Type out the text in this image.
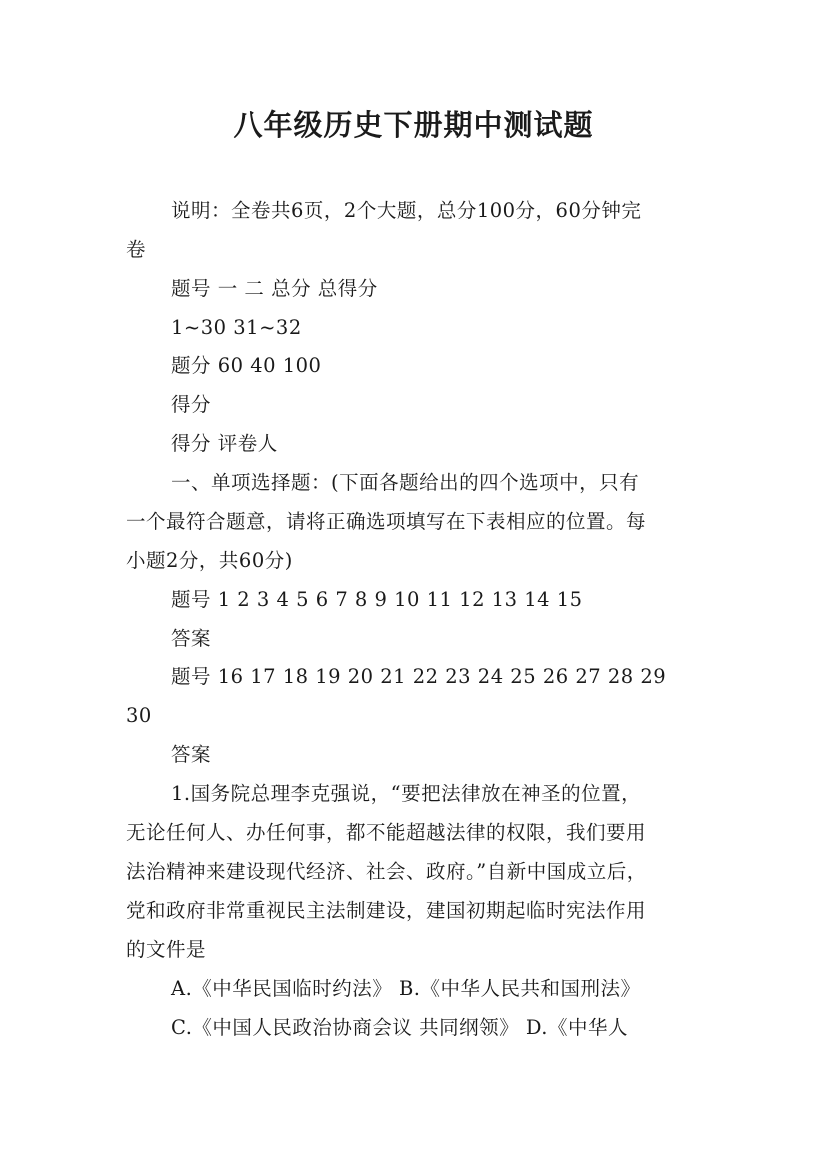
八年级历史下册期中测试题

说明：全卷共6页，2个大题，总分100分，60分钟完

卷

题号 一 二 总分 总得分

1~30 31~32

题分 60 40 100

得分

得分 评卷人

一、单项选择题：(下面各题给出的四个选项中，只有

一个最符合题意，请将正确选项填写在下表相应的位置。每

小题2分，共60分)

题号 1 2 3 4 5 6 7 8 9 10 11 12 13 14 15

答案

题号 16 17 18 19 20 21 22 23 24 25 26 27 28 29

30

答案

1.国务院总理李克强说，“要把法律放在神圣的位置，

无论任何人、办任何事，都不能超越法律的权限，我们要用

法治精神来建设现代经济、社会、政府。”自新中国成立后，

党和政府非常重视民主法制建设，建国初期起临时宪法作用

的文件是

A.《中华民国临时约法》 B.《中华人民共和国刑法》

C.《中国人民政治协商会议 共同纲领》 D.《中华人
